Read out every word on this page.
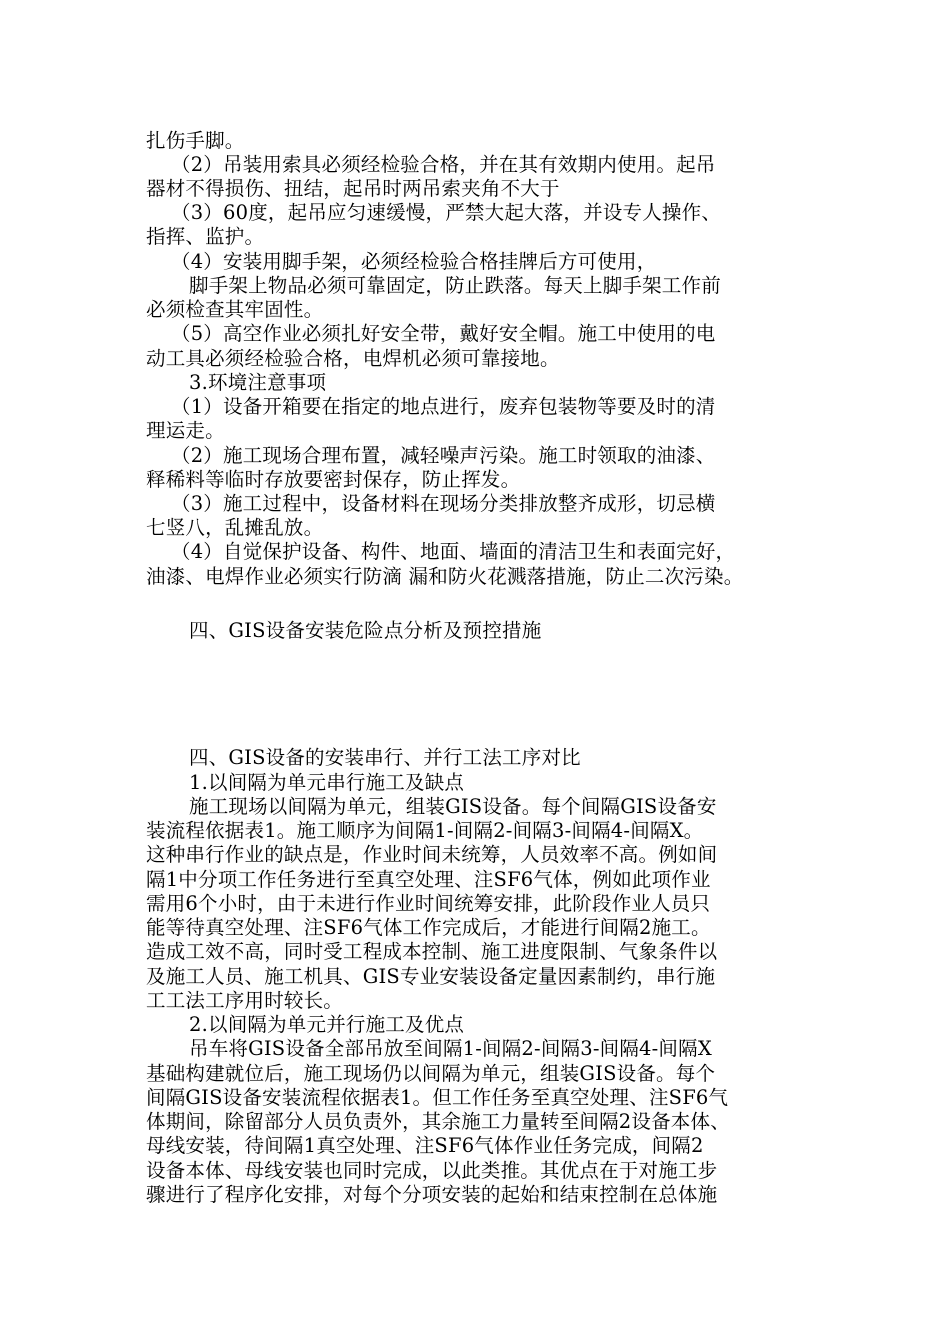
扎伤手脚。
（2）吊装用索具必须经检验合格，并在其有效期内使用。起吊
器材不得损伤、扭结，起吊时两吊索夹角不大于
（3）60度，起吊应匀速缓慢，严禁大起大落，并设专人操作、
指挥、监护。
（4）安装用脚手架，必须经检验合格挂牌后方可使用，
脚手架上物品必须可靠固定，防止跌落。每天上脚手架工作前
必须检查其牢固性。
（5）高空作业必须扎好安全带，戴好安全帽。施工中使用的电
动工具必须经检验合格，电焊机必须可靠接地。
3.环境注意事项
（1）设备开箱要在指定的地点进行，废弃包装物等要及时的清
理运走。
（2）施工现场合理布置，减轻噪声污染。施工时领取的油漆、
释稀料等临时存放要密封保存，防止挥发。
（3）施工过程中，设备材料在现场分类排放整齐成形，切忌横
七竖八，乱摊乱放。
（4）自觉保护设备、构件、地面、墙面的清洁卫生和表面完好，
油漆、电焊作业必须实行防滴 漏和防火花溅落措施，防止二次污染。
四、GIS设备安装危险点分析及预控措施
四、GIS设备的安装串行、并行工法工序对比
1.以间隔为单元串行施工及缺点
施工现场以间隔为单元，组装GIS设备。每个间隔GIS设备安
装流程依据表1。施工顺序为间隔1-间隔2-间隔3-间隔4-间隔X。
这种串行作业的缺点是，作业时间未统筹，人员效率不高。例如间
隔1中分项工作任务进行至真空处理、注SF6气体，例如此项作业
需用6个小时，由于未进行作业时间统筹安排，此阶段作业人员只
能等待真空处理、注SF6气体工作完成后，才能进行间隔2施工。
造成工效不高，同时受工程成本控制、施工进度限制、气象条件以
及施工人员、施工机具、GIS专业安装设备定量因素制约，串行施
工工法工序用时较长。
2.以间隔为单元并行施工及优点
吊车将GIS设备全部吊放至间隔1-间隔2-间隔3-间隔4-间隔X
基础构建就位后，施工现场仍以间隔为单元，组装GIS设备。每个
间隔GIS设备安装流程依据表1。但工作任务至真空处理、注SF6气
体期间，除留部分人员负责外，其余施工力量转至间隔2设备本体、
母线安装，待间隔1真空处理、注SF6气体作业任务完成，间隔2
设备本体、母线安装也同时完成，以此类推。其优点在于对施工步
骤进行了程序化安排，对每个分项安装的起始和结束控制在总体施
